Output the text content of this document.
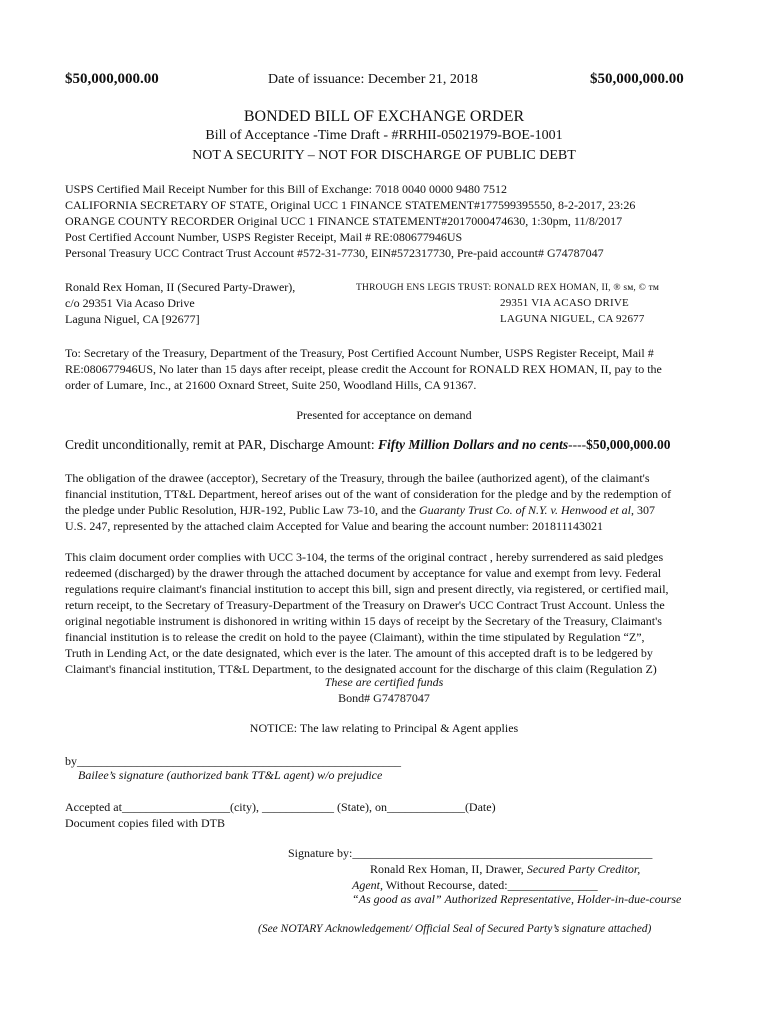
$50,000,000.00	Date of issuance: December 21, 2018	$50,000,000.00
BONDED BILL OF EXCHANGE ORDER
Bill of Acceptance -Time Draft - #RRHII-05021979-BOE-1001
NOT A SECURITY – NOT FOR DISCHARGE OF PUBLIC DEBT
USPS Certified Mail Receipt Number for this Bill of Exchange: 7018 0040 0000 9480 7512
CALIFORNIA SECRETARY OF STATE, Original UCC 1 FINANCE STATEMENT#177599395550, 8-2-2017, 23:26
ORANGE COUNTY RECORDER Original UCC 1 FINANCE STATEMENT#2017000474630, 1:30pm, 11/8/2017
Post Certified Account Number, USPS Register Receipt, Mail # RE:080677946US
Personal Treasury UCC Contract Trust Account #572-31-7730, EIN#572317730, Pre-paid account# G74787047
Ronald Rex Homan, II (Secured Party-Drawer),
c/o 29351 Via Acaso Drive
Laguna Niguel, CA [92677]
THROUGH ENS LEGIS TRUST: RONALD REX HOMAN, II, ® sм, © тм
29351 VIA ACASO DRIVE
LAGUNA NIGUEL, CA 92677
To: Secretary of the Treasury, Department of the Treasury, Post Certified Account Number, USPS Register Receipt, Mail #
RE:080677946US, No later than 15 days after receipt, please credit the Account for RONALD REX HOMAN, II, pay to the
order of Lumare, Inc., at 21600 Oxnard Street, Suite 250, Woodland Hills, CA 91367.
Presented for acceptance on demand
Credit unconditionally, remit at PAR, Discharge Amount: Fifty Million Dollars and no cents----$50,000,000.00
The obligation of the drawee (acceptor), Secretary of the Treasury, through the bailee (authorized agent), of the claimant's
financial institution, TT&L Department, hereof arises out of the want of consideration for the pledge and by the redemption of
the pledge under Public Resolution, HJR-192, Public Law 73-10, and the Guaranty Trust Co. of N.Y. v. Henwood et al, 307
U.S. 247, represented by the attached claim Accepted for Value and bearing the account number: 201811143021
This claim document order complies with UCC 3-104, the terms of the original contract , hereby surrendered as said pledges
redeemed (discharged) by the drawer through the attached document by acceptance for value and exempt from levy. Federal
regulations require claimant's financial institution to accept this bill, sign and present directly, via registered, or certified mail,
return receipt, to the Secretary of Treasury-Department of the Treasury on Drawer's UCC Contract Trust Account. Unless the
original negotiable instrument is dishonored in writing within 15 days of receipt by the Secretary of the Treasury, Claimant's
financial institution is to release the credit on hold to the payee (Claimant), within the time stipulated by Regulation “Z”,
Truth in Lending Act, or the date designated, which ever is the later. The amount of this accepted draft is to be ledgered by
Claimant's financial institution, TT&L Department, to the designated account for the discharge of this claim (Regulation Z)
These are certified funds
Bond# G74787047
NOTICE: The law relating to Principal & Agent applies
by______________________________________________________
Bailee’s signature (authorized bank TT&L agent) w/o prejudice
Accepted at__________________(city), ____________ (State), on_____________(Date)
Document copies filed with DTB
Signature by:__________________________________________________
Ronald Rex Homan, II, Drawer, Secured Party Creditor,
Agent, Without Recourse, dated:_______________
“As good as aval” Authorized Representative, Holder-in-due-course
(See NOTARY Acknowledgement/ Official Seal of Secured Party’s signature attached)
